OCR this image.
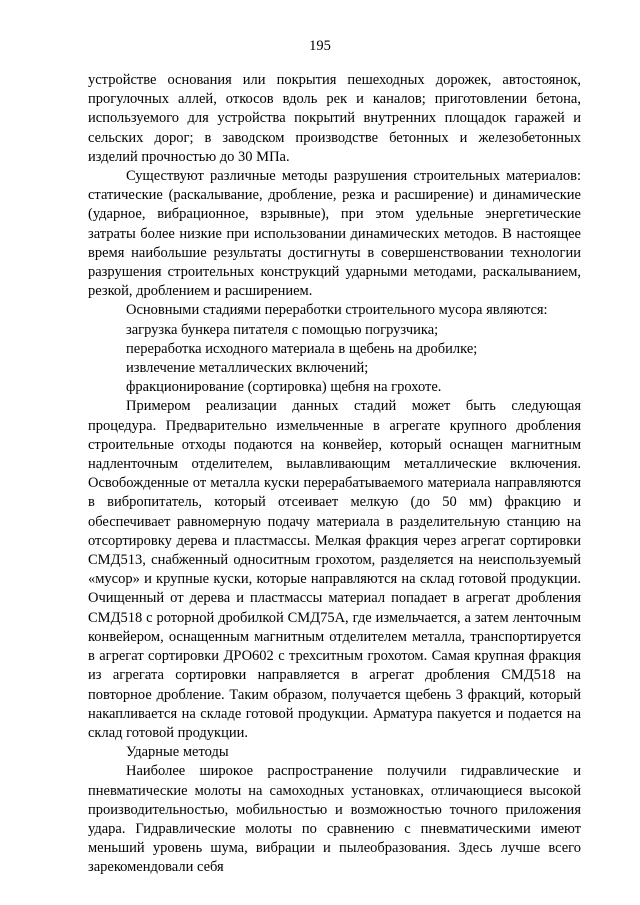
195

устройстве основания или покрытия пешеходных дорожек, автостоянок, прогулочных аллей, откосов вдоль рек и каналов; приготовлении бетона, используемого для устройства покрытий внутренних площадок гаражей и сельских дорог; в заводском производстве бетонных и железобетонных изделий прочностью до 30 МПа.

Существуют различные методы разрушения строительных материалов: статические (раскалывание, дробление, резка и расширение) и динамические (ударное, вибрационное, взрывные), при этом удельные энергетические затраты более низкие при использовании динамических методов. В настоящее время наибольшие результаты достигнуты в совершенствовании технологии разрушения строительных конструкций ударными методами, раскалыванием, резкой, дроблением и расширением.

Основными стадиями переработки строительного мусора являются:

загрузка бункера питателя с помощью погрузчика;

переработка исходного материала в щебень на дробилке;

извлечение металлических включений;

фракционирование (сортировка) щебня на грохоте.

Примером реализации данных стадий может быть следующая процедура. Предварительно измельченные в агрегате крупного дробления строительные отходы подаются на конвейер, который оснащен магнитным надленточным отделителем, вылавливающим металлические включения. Освобожденные от металла куски перерабатываемого материала направляются в вибропитатель, который отсеивает мелкую (до 50 мм) фракцию и обеспечивает равномерную подачу материала в разделительную станцию на отсортировку дерева и пластмассы. Мелкая фракция через агрегат сортировки СМД513, снабженный односитным грохотом, разделяется на неиспользуемый «мусор» и крупные куски, которые направляются на склад готовой продукции. Очищенный от дерева и пластмассы материал попадает в агрегат дробления СМД518 с роторной дробилкой СМД75А, где измельчается, а затем ленточным конвейером, оснащенным магнитным отделителем металла, транспортируется в агрегат сортировки ДРО602 с трехситным грохотом. Самая крупная фракция из агрегата сортировки направляется в агрегат дробления СМД518 на повторное дробление. Таким образом, получается щебень 3 фракций, который накапливается на складе готовой продукции. Арматура пакуется и подается на склад готовой продукции.

Ударные методы

Наиболее широкое распространение получили гидравлические и пневматические молоты на самоходных установках, отличающиеся высокой производительностью, мобильностью и возможностью точного приложения удара. Гидравлические молоты по сравнению с пневматическими имеют меньший уровень шума, вибрации и пылеобразования. Здесь лучше всего зарекомендовали себя
